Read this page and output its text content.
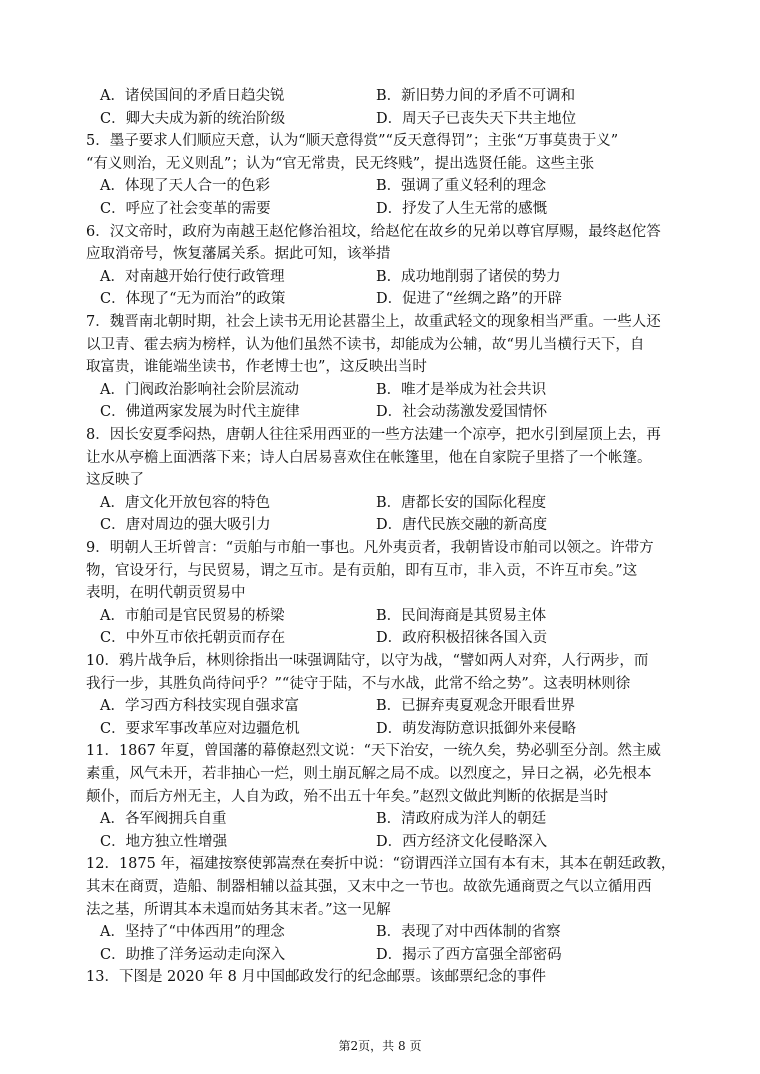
A．诸侯国间的矛盾日趋尖锐	B．新旧势力间的矛盾不可调和
C．卿大夫成为新的统治阶级	D．周天子已丧失天下共主地位
5．墨子要求人们顺应天意，认为“顺天意得赏”“反天意得罚”；主张“万事莫贵于义”
“有义则治，无义则乱”；认为“官无常贵，民无终贱”，提出选贤任能。这些主张
A．体现了天人合一的色彩	B．强调了重义轻利的理念
C．呼应了社会变革的需要	D．抒发了人生无常的感慨
6．汉文帝时，政府为南越王赵佗修治祖坟，给赵佗在故乡的兄弟以尊官厚赐，最终赵佗答
应取消帝号，恢复藩属关系。据此可知，该举措
A．对南越开始行使行政管理	B．成功地削弱了诸侯的势力
C．体现了“无为而治”的政策	D．促进了“丝绸之路”的开辟
7．魏晋南北朝时期，社会上读书无用论甚嚣尘上，故重武轻文的现象相当严重。一些人还
以卫青、霍去病为榜样，认为他们虽然不读书，却能成为公辅，故“男儿当横行天下，自
取富贵，谁能端坐读书，作老博士也”，这反映出当时
A．门阀政治影响社会阶层流动	B．唯才是举成为社会共识
C．佛道两家发展为时代主旋律	D．社会动荡激发爱国情怀
8．因长安夏季闷热，唐朝人往往采用西亚的一些方法建一个凉亭，把水引到屋顶上去，再
让水从亭檐上面洒落下来；诗人白居易喜欢住在帐篷里，他在自家院子里搭了一个帐篷。
这反映了
A．唐文化开放包容的特色	B．唐都长安的国际化程度
C．唐对周边的强大吸引力	D．唐代民族交融的新高度
9．明朝人王圻曾言：“贡舶与市舶一事也。凡外夷贡者，我朝皆设市舶司以领之。许带方
物，官设牙行，与民贸易，谓之互市。是有贡舶，即有互市，非入贡，不许互市矣。”这
表明，在明代朝贡贸易中
A．市舶司是官民贸易的桥梁	B．民间海商是其贸易主体
C．中外互市依托朝贡而存在	D．政府积极招徕各国入贡
10．鸦片战争后，林则徐指出一味强调陆守，以守为战，“譬如两人对弈，人行两步，而
我行一步，其胜负尚待问乎？”“徒守于陆，不与水战，此常不给之势”。这表明林则徐
A．学习西方科技实现自强求富	B．已摒弃夷夏观念开眼看世界
C．要求军事改革应对边疆危机	D．萌发海防意识抵御外来侵略
11．1867 年夏，曾国藩的幕僚赵烈文说：“天下治安，一统久矣，势必驯至分剖。然主威
素重，风气未开，若非抽心一烂，则土崩瓦解之局不成。以烈度之，异日之祸，必先根本
颠仆，而后方州无主，人自为政，殆不出五十年矣。”赵烈文做此判断的依据是当时
A．各军阀拥兵自重	B．清政府成为洋人的朝廷
C．地方独立性增强	D．西方经济文化侵略深入
12．1875 年，福建按察使郭嵩焘在奏折中说：“窃谓西洋立国有本有末，其本在朝廷政教，
其末在商贾，造船、制器相辅以益其强，又末中之一节也。故欲先通商贾之气以立循用西
法之基，所谓其本未遑而姑务其末者。”这一见解
A．坚持了“中体西用”的理念	B．表现了对中西体制的省察
C．助推了洋务运动走向深入	D．揭示了西方富强全部密码
13．下图是 2020 年 8 月中国邮政发行的纪念邮票。该邮票纪念的事件
第2页，共 8 页
